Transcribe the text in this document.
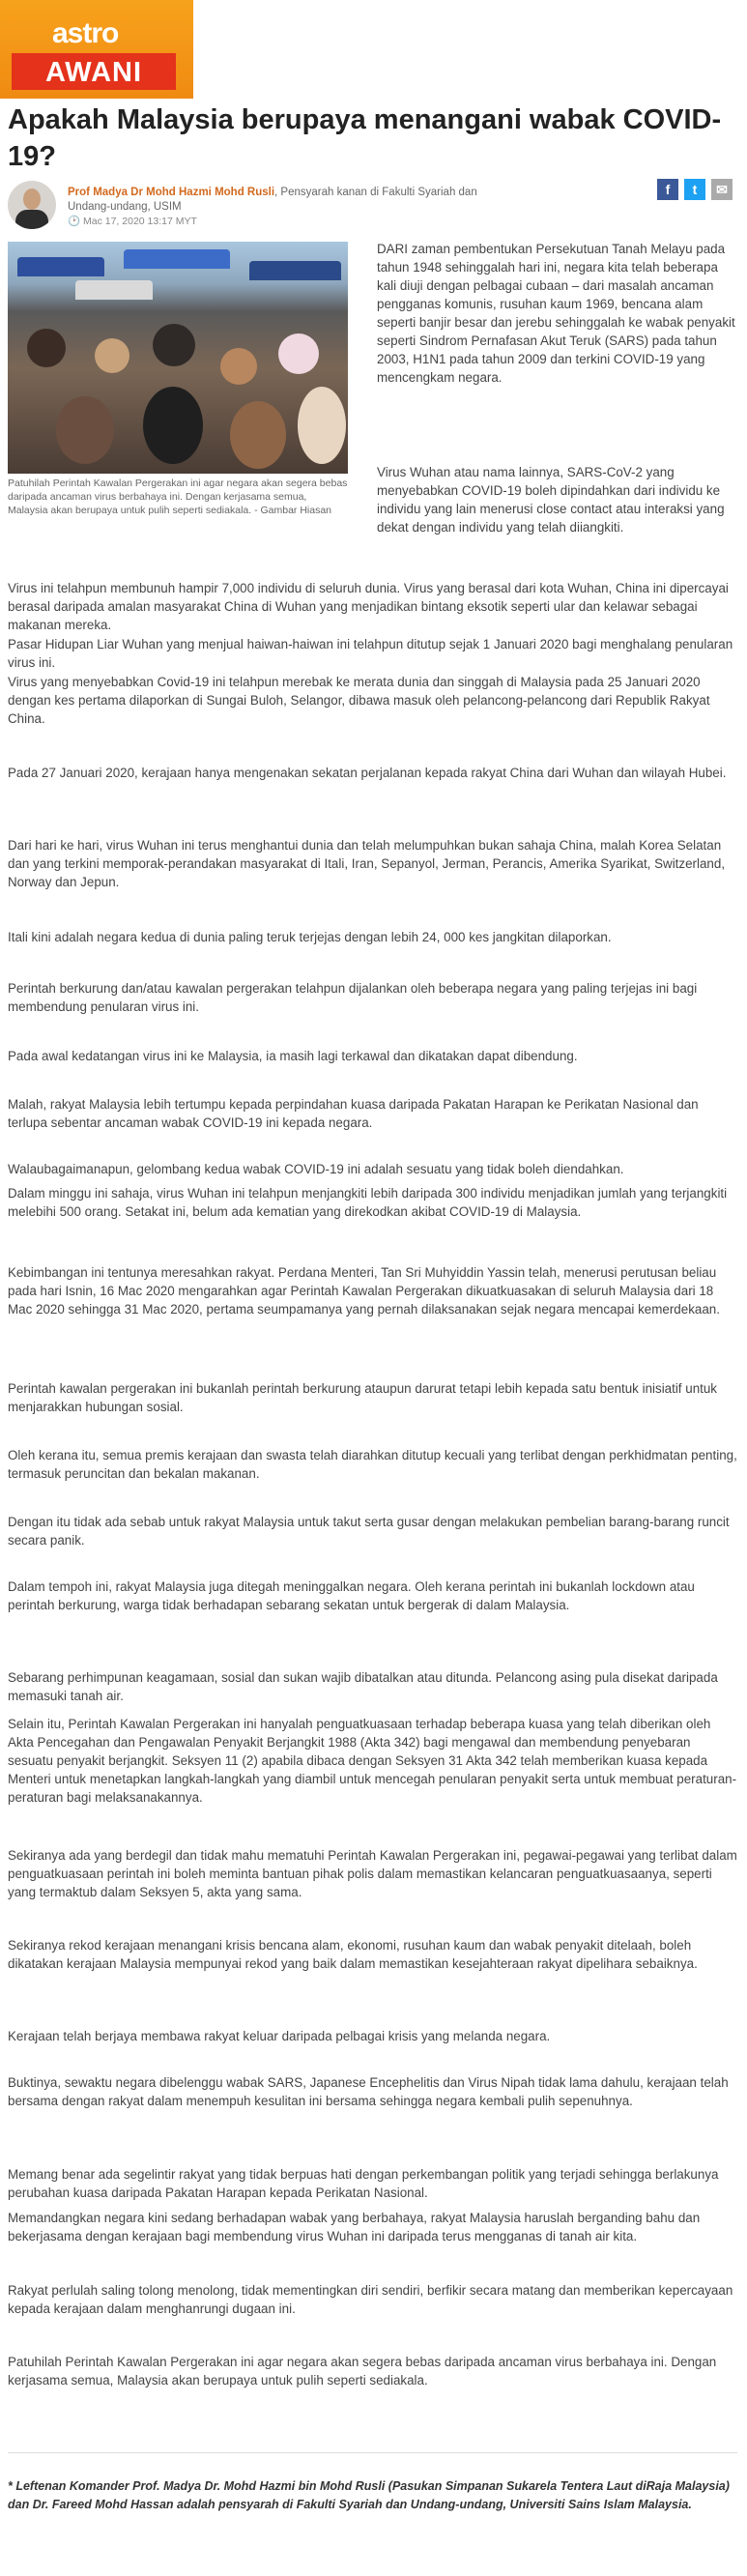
astro
AWANI
Apakah Malaysia berupaya menangani wabak COVID-19?
Prof Madya Dr Mohd Hazmi Mohd Rusli, Pensyarah kanan di Fakulti Syariah dan Undang-undang, USIM
🕑 Mac 17, 2020 13:17 MYT
f t ✉
Patuhilah Perintah Kawalan Pergerakan ini agar negara akan segera bebas daripada ancaman virus berbahaya ini. Dengan kerjasama semua, Malaysia akan berupaya untuk pulih seperti sediakala. - Gambar Hiasan

DARI zaman pembentukan Persekutuan Tanah Melayu pada tahun 1948 sehinggalah hari ini, negara kita telah beberapa kali diuji dengan pelbagai cubaan – dari masalah ancaman pengganas komunis, rusuhan kaum 1969, bencana alam seperti banjir besar dan jerebu sehinggalah ke wabak penyakit seperti Sindrom Pernafasan Akut Teruk (SARS) pada tahun 2003, H1N1 pada tahun 2009 dan terkini COVID-19 yang mencengkam negara.

Virus Wuhan atau nama lainnya, SARS-CoV-2 yang menyebabkan COVID-19 boleh dipindahkan dari individu ke individu yang lain menerusi close contact atau interaksi yang dekat dengan individu yang telah diiangkiti.

Virus ini telahpun membunuh hampir 7,000 individu di seluruh dunia. Virus yang berasal dari kota Wuhan, China ini dipercayai berasal daripada amalan masyarakat China di Wuhan yang menjadikan bintang eksotik seperti ular dan kelawar sebagai makanan mereka.

Pasar Hidupan Liar Wuhan yang menjual haiwan-haiwan ini telahpun ditutup sejak 1 Januari 2020 bagi menghalang penularan virus ini.

Virus yang menyebabkan Covid-19 ini telahpun merebak ke merata dunia dan singgah di Malaysia pada 25 Januari 2020 dengan kes pertama dilaporkan di Sungai Buloh, Selangor, dibawa masuk oleh pelancong-pelancong dari Republik Rakyat China.

Pada 27 Januari 2020, kerajaan hanya mengenakan sekatan perjalanan kepada rakyat China dari Wuhan dan wilayah Hubei.

Dari hari ke hari, virus Wuhan ini terus menghantui dunia dan telah melumpuhkan bukan sahaja China, malah Korea Selatan dan yang terkini memporak-perandakan masyarakat di Itali, Iran, Sepanyol, Jerman, Perancis, Amerika Syarikat, Switzerland, Norway dan Jepun.

Itali kini adalah negara kedua di dunia paling teruk terjejas dengan lebih 24, 000 kes jangkitan dilaporkan.

Perintah berkurung dan/atau kawalan pergerakan telahpun dijalankan oleh beberapa negara yang paling terjejas ini bagi membendung penularan virus ini.

Pada awal kedatangan virus ini ke Malaysia, ia masih lagi terkawal dan dikatakan dapat dibendung.

Malah, rakyat Malaysia lebih tertumpu kepada perpindahan kuasa daripada Pakatan Harapan ke Perikatan Nasional dan terlupa sebentar ancaman wabak COVID-19 ini kepada negara.

Walaubagaimanapun, gelombang kedua wabak COVID-19 ini adalah sesuatu yang tidak boleh diendahkan.

Dalam minggu ini sahaja, virus Wuhan ini telahpun menjangkiti lebih daripada 300 individu menjadikan jumlah yang terjangkiti melebihi 500 orang. Setakat ini, belum ada kematian yang direkodkan akibat COVID-19 di Malaysia.

Kebimbangan ini tentunya meresahkan rakyat. Perdana Menteri, Tan Sri Muhyiddin Yassin telah, menerusi perutusan beliau pada hari Isnin, 16 Mac 2020 mengarahkan agar Perintah Kawalan Pergerakan dikuatkuasakan di seluruh Malaysia dari 18 Mac 2020 sehingga 31 Mac 2020, pertama seumpamanya yang pernah dilaksanakan sejak negara mencapai kemerdekaan.

Perintah kawalan pergerakan ini bukanlah perintah berkurung ataupun darurat tetapi lebih kepada satu bentuk inisiatif untuk menjarakkan hubungan sosial.

Oleh kerana itu, semua premis kerajaan dan swasta telah diarahkan ditutup kecuali yang terlibat dengan perkhidmatan penting, termasuk peruncitan dan bekalan makanan.

Dengan itu tidak ada sebab untuk rakyat Malaysia untuk takut serta gusar dengan melakukan pembelian barang-barang runcit secara panik.

Dalam tempoh ini, rakyat Malaysia juga ditegah meninggalkan negara. Oleh kerana perintah ini bukanlah lockdown atau perintah berkurung, warga tidak berhadapan sebarang sekatan untuk bergerak di dalam Malaysia.

Sebarang perhimpunan keagamaan, sosial dan sukan wajib dibatalkan atau ditunda. Pelancong asing pula disekat daripada memasuki tanah air.

Selain itu, Perintah Kawalan Pergerakan ini hanyalah penguatkuasaan terhadap beberapa kuasa yang telah diberikan oleh Akta Pencegahan dan Pengawalan Penyakit Berjangkit 1988 (Akta 342) bagi mengawal dan membendung penyebaran sesuatu penyakit berjangkit. Seksyen 11 (2) apabila dibaca dengan Seksyen 31 Akta 342 telah memberikan kuasa kepada Menteri untuk menetapkan langkah-langkah yang diambil untuk mencegah penularan penyakit serta untuk membuat peraturan-peraturan bagi melaksanakannya.

Sekiranya ada yang berdegil dan tidak mahu mematuhi Perintah Kawalan Pergerakan ini, pegawai-pegawai yang terlibat dalam penguatkuasaan perintah ini boleh meminta bantuan pihak polis dalam memastikan kelancaran penguatkuasaanya, seperti yang termaktub dalam Seksyen 5, akta yang sama.

Sekiranya rekod kerajaan menangani krisis bencana alam, ekonomi, rusuhan kaum dan wabak penyakit ditelaah, boleh dikatakan kerajaan Malaysia mempunyai rekod yang baik dalam memastikan kesejahteraan rakyat dipelihara sebaiknya.

Kerajaan telah berjaya membawa rakyat keluar daripada pelbagai krisis yang melanda negara.

Buktinya, sewaktu negara dibelenggu wabak SARS, Japanese Encephelitis dan Virus Nipah tidak lama dahulu, kerajaan telah bersama dengan rakyat dalam menempuh kesulitan ini bersama sehingga negara kembali pulih sepenuhnya.

Memang benar ada segelintir rakyat yang tidak berpuas hati dengan perkembangan politik yang terjadi sehingga berlakunya perubahan kuasa daripada Pakatan Harapan kepada Perikatan Nasional.

Memandangkan negara kini sedang berhadapan wabak yang berbahaya, rakyat Malaysia haruslah berganding bahu dan bekerjasama dengan kerajaan bagi membendung virus Wuhan ini daripada terus mengganas di tanah air kita.

Rakyat perlulah saling tolong menolong, tidak mementingkan diri sendiri, berfikir secara matang dan memberikan kepercayaan kepada kerajaan dalam menghanrungi dugaan ini.

Patuhilah Perintah Kawalan Pergerakan ini agar negara akan segera bebas daripada ancaman virus berbahaya ini. Dengan kerjasama semua, Malaysia akan berupaya untuk pulih seperti sediakala.

* Leftenan Komander Prof. Madya Dr. Mohd Hazmi bin Mohd Rusli (Pasukan Simpanan Sukarela Tentera Laut diRaja Malaysia) dan Dr. Fareed Mohd Hassan adalah pensyarah di Fakulti Syariah dan Undang-undang, Universiti Sains Islam Malaysia.
